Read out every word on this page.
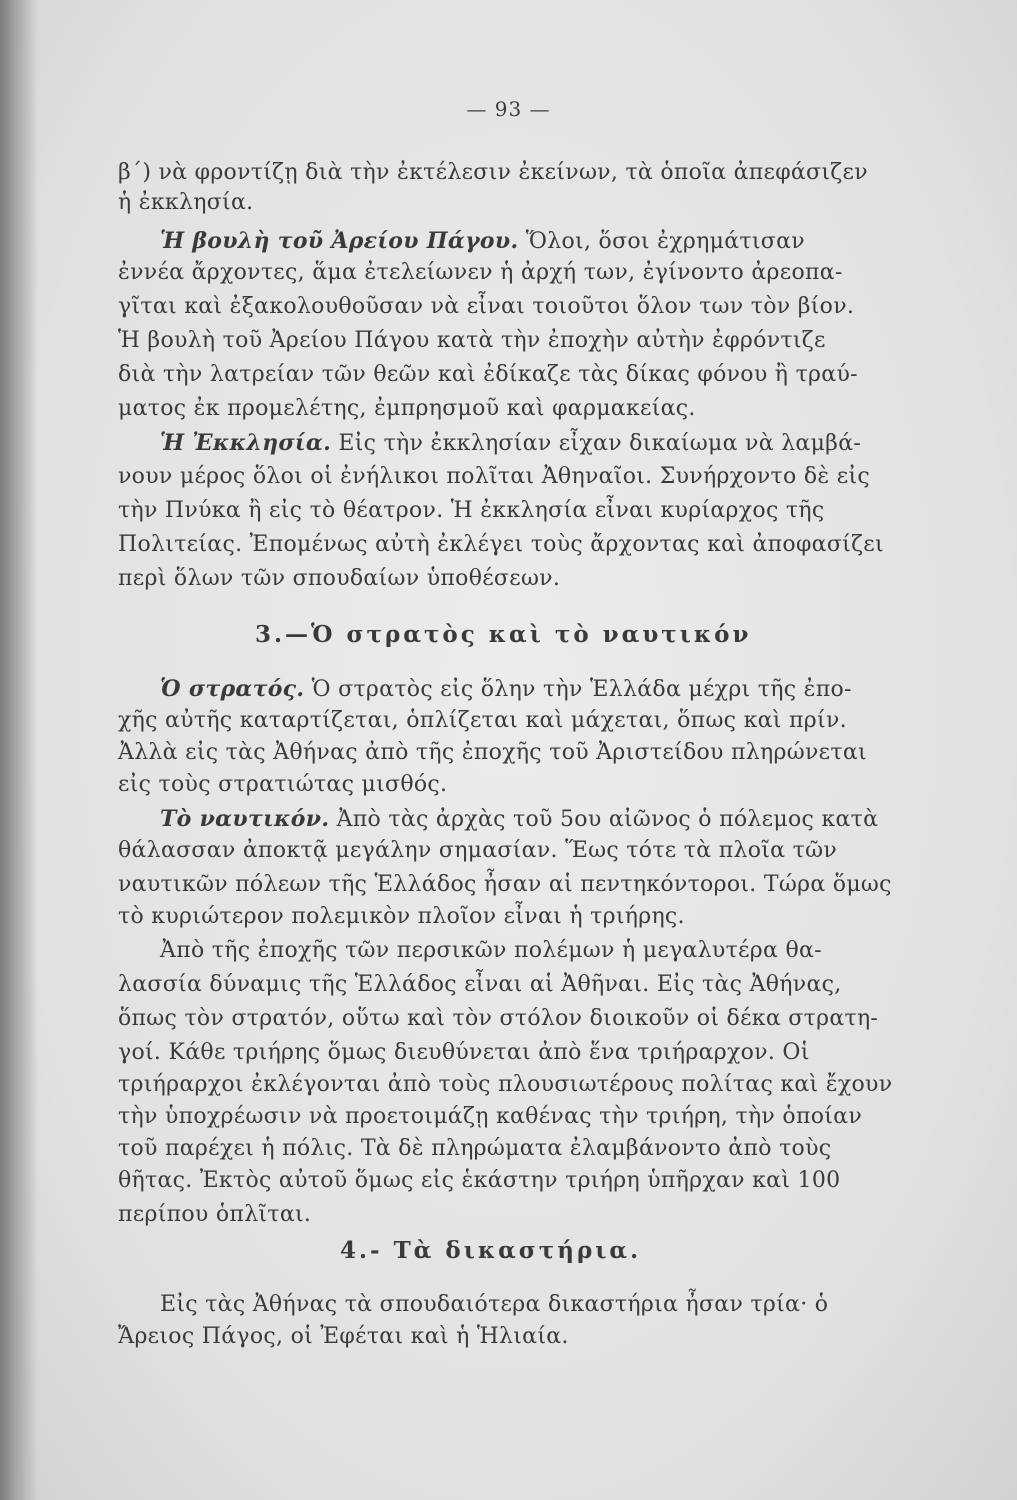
— 93 —
β΄) νὰ φροντίζῃ διὰ τὴν ἐκτέλεσιν ἐκείνων, τὰ ὁποῖα ἀπεφάσιζεν
ἡ ἐκκλησία.
Ἡ βουλὴ τοῦ Ἀρείου Πάγου. Ὅλοι, ὅσοι ἐχρημάτισαν
ἐννέα ἄρχοντες, ἅμα ἐτελείωνεν ἡ ἀρχή των, ἐγίνοντο ἀρεοπα-
γῖται καὶ ἐξακολουθοῦσαν νὰ εἶναι τοιοῦτοι ὅλον των τὸν βίον.
Ἡ βουλὴ τοῦ Ἀρείου Πάγου κατὰ τὴν ἐποχὴν αὐτὴν ἐφρόντιζε
διὰ τὴν λατρείαν τῶν θεῶν καὶ ἐδίκαζε τὰς δίκας φόνου ἢ τραύ-
ματος ἐκ προμελέτης, ἐμπρησμοῦ καὶ φαρμακείας.
Ἡ Ἐκκλησία. Εἰς τὴν ἐκκλησίαν εἶχαν δικαίωμα νὰ λαμβά-
νουν μέρος ὅλοι οἱ ἐνήλικοι πολῖται Ἀθηναῖοι. Συνήρχοντο δὲ εἰς
τὴν Πνύκα ἢ εἰς τὸ θέατρον. Ἡ ἐκκλησία εἶναι κυρίαρχος τῆς
Πολιτείας. Ἐπομένως αὐτὴ ἐκλέγει τοὺς ἄρχοντας καὶ ἀποφασίζει
περὶ ὅλων τῶν σπουδαίων ὑποθέσεων.
3.—Ὁ στρατὸς καὶ τὸ ναυτικόν
Ὁ στρατός. Ὁ στρατὸς εἰς ὅλην τὴν Ἑλλάδα μέχρι τῆς ἐπο-
χῆς αὐτῆς καταρτίζεται, ὁπλίζεται καὶ μάχεται, ὅπως καὶ πρίν.
Ἀλλὰ εἰς τὰς Ἀθήνας ἀπὸ τῆς ἐποχῆς τοῦ Ἀριστείδου πληρώνεται
εἰς τοὺς στρατιώτας μισθός.
Τὸ ναυτικόν. Ἀπὸ τὰς ἀρχὰς τοῦ 5ου αἰῶνος ὁ πόλεμος κατὰ
θάλασσαν ἀποκτᾷ μεγάλην σημασίαν. Ἕως τότε τὰ πλοῖα τῶν
ναυτικῶν πόλεων τῆς Ἑλλάδος ἦσαν αἱ πεντηκόντοροι. Τώρα ὅμως
τὸ κυριώτερον πολεμικὸν πλοῖον εἶναι ἡ τριήρης.
Ἀπὸ τῆς ἐποχῆς τῶν περσικῶν πολέμων ἡ μεγαλυτέρα θα-
λασσία δύναμις τῆς Ἑλλάδος εἶναι αἱ Ἀθῆναι. Εἰς τὰς Ἀθήνας,
ὅπως τὸν στρατόν, οὕτω καὶ τὸν στόλον διοικοῦν οἱ δέκα στρατη-
γοί. Κάθε τριήρης ὅμως διευθύνεται ἀπὸ ἕνα τριήραρχον. Οἱ
τριήραρχοι ἐκλέγονται ἀπὸ τοὺς πλουσιωτέρους πολίτας καὶ ἔχουν
τὴν ὑποχρέωσιν νὰ προετοιμάζῃ καθένας τὴν τριήρη, τὴν ὁποίαν
τοῦ παρέχει ἡ πόλις. Τὰ δὲ πληρώματα ἐλαμβάνοντο ἀπὸ τοὺς
θῆτας. Ἐκτὸς αὐτοῦ ὅμως εἰς ἑκάστην τριήρη ὑπῆρχαν καὶ 100
περίπου ὁπλῖται.
4.- Τὰ δικαστήρια.
Εἰς τὰς Ἀθήνας τὰ σπουδαιότερα δικαστήρια ἦσαν τρία· ὁ
Ἄρειος Πάγος, οἱ Ἐφέται καὶ ἡ Ἡλιαία.
